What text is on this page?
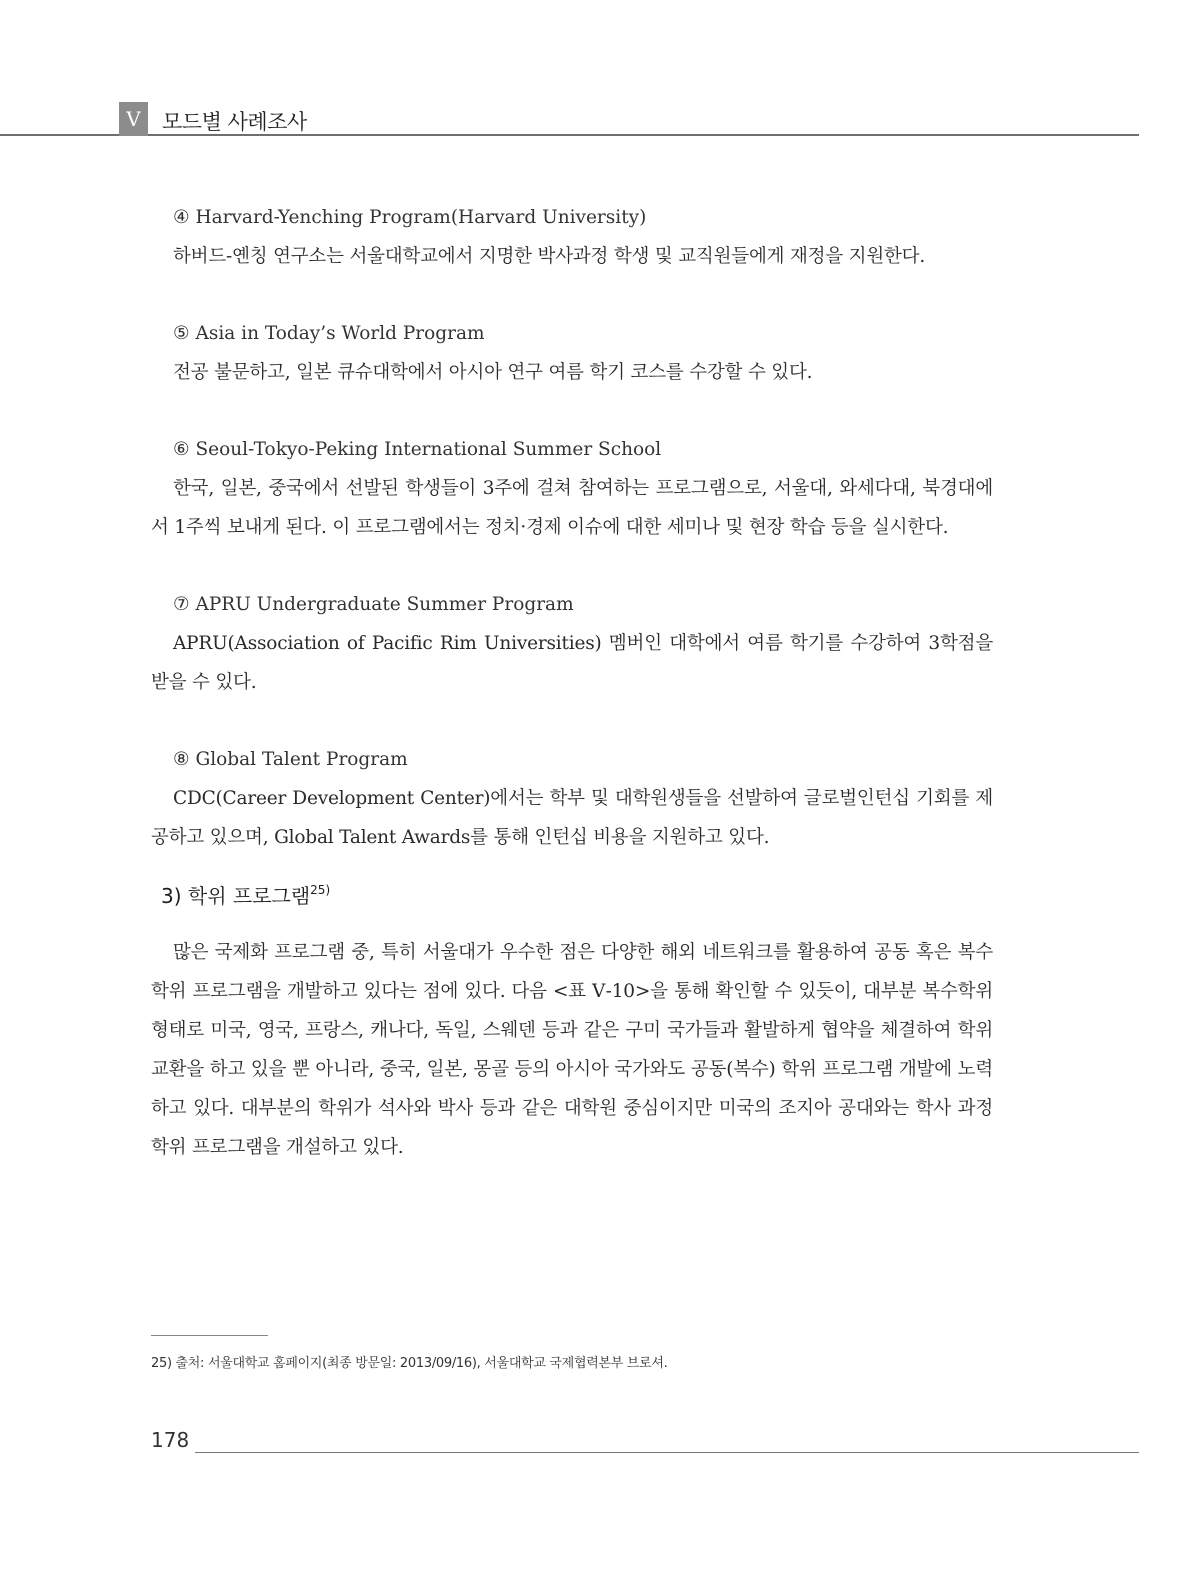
Ⅴ	모드별 사례조사
④ Harvard-Yenching Program(Harvard University)

하버드-옌칭 연구소는 서울대학교에서 지명한 박사과정 학생 및 교직원들에게 재정을 지원한다.

⑤ Asia in Today’s World Program

전공 불문하고, 일본 큐슈대학에서 아시아 연구 여름 학기 코스를 수강할 수 있다.

⑥ Seoul-Tokyo-Peking International Summer School

한국, 일본, 중국에서 선발된 학생들이 3주에 걸쳐 참여하는 프로그램으로, 서울대, 와세다대, 북경대에서 1주씩 보내게 된다. 이 프로그램에서는 정치·경제 이슈에 대한 세미나 및 현장 학습 등을 실시한다.

⑦ APRU Undergraduate Summer Program

APRU(Association of Pacific Rim Universities) 멤버인 대학에서 여름 학기를 수강하여 3학점을 받을 수 있다.

⑧ Global Talent Program

CDC(Career Development Center)에서는 학부 및 대학원생들을 선발하여 글로벌인턴십 기회를 제공하고 있으며, Global Talent Awards를 통해 인턴십 비용을 지원하고 있다.

3) 학위 프로그램$^{25)}$

많은 국제화 프로그램 중, 특히 서울대가 우수한 점은 다양한 해외 네트워크를 활용하여 공동 혹은 복수 학위 프로그램을 개발하고 있다는 점에 있다. 다음 <표 Ⅴ-10>을 통해 확인할 수 있듯이, 대부분 복수학위 형태로 미국, 영국, 프랑스, 캐나다, 독일, 스웨덴 등과 같은 구미 국가들과 활발하게 협약을 체결하여 학위 교환을 하고 있을 뿐 아니라, 중국, 일본, 몽골 등의 아시아 국가와도 공동(복수) 학위 프로그램 개발에 노력하고 있다. 대부분의 학위가 석사와 박사 등과 같은 대학원 중심이지만 미국의 조지아 공대와는 학사 과정 학위 프로그램을 개설하고 있다.

25) 출처: 서울대학교 홈페이지(최종 방문일: 2013/09/16), 서울대학교 국제협력본부 브로셔.
178
